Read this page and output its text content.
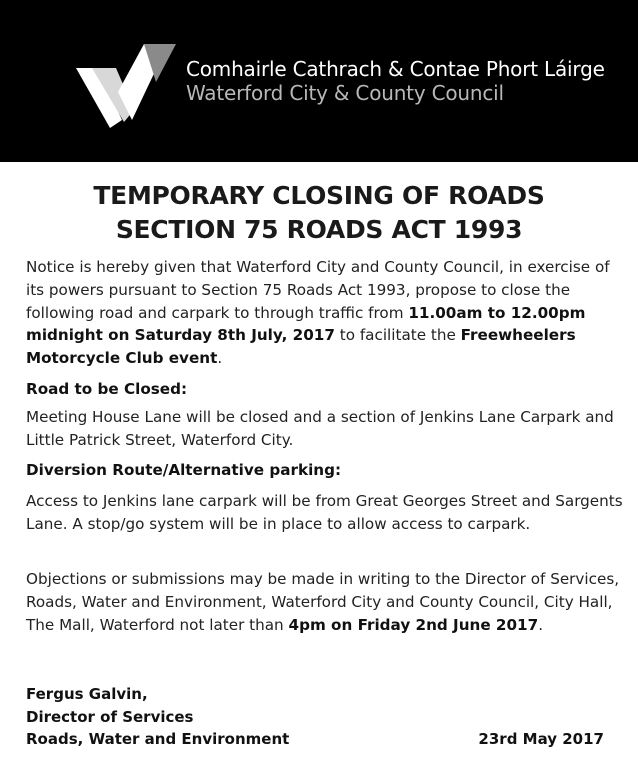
Comhairle Cathrach & Contae Phort Láirge
Waterford City & County Council
TEMPORARY CLOSING OF ROADS
SECTION 75 ROADS ACT 1993
Notice is hereby given that Waterford City and County Council, in exercise of its powers pursuant to Section 75 Roads Act 1993, propose to close the following road and carpark to through traffic from 11.00am to 12.00pm midnight on Saturday 8th July, 2017 to facilitate the Freewheelers Motorcycle Club event.
Road to be Closed:
Meeting House Lane will be closed and a section of Jenkins Lane Carpark and Little Patrick Street, Waterford City.
Diversion Route/Alternative parking:
Access to Jenkins lane carpark will be from Great Georges Street and Sargents Lane. A stop/go system will be in place to allow access to carpark.
Objections or submissions may be made in writing to the Director of Services, Roads, Water and Environment, Waterford City and County Council, City Hall, The Mall, Waterford not later than 4pm on Friday 2nd June 2017.
Fergus Galvin,
Director of Services
Roads, Water and Environment	23rd May 2017
